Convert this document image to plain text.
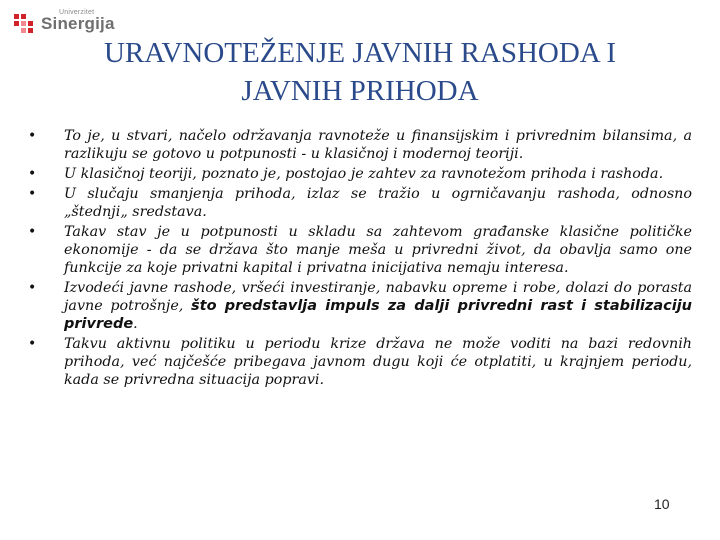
Univerzitet
Sinergija
URAVNOTEŽENJE JAVNIH RASHODA I
JAVNIH PRIHODA
• To je, u stvari, načelo održavanja ravnoteže u finansijskim i privrednim bilansima, a razlikuju se gotovo u potpunosti - u klasičnoj i modernoj teoriji.
• U klasičnoj teoriji, poznato je, postojao je zahtev za ravnotežom prihoda i rashoda.
• U slučaju smanjenja prihoda, izlaz se tražio u ogrničavanju rashoda, odnosno „štednji„ sredstava.
• Takav stav je u potpunosti u skladu sa zahtevom građanske klasične političke ekonomije - da se država što manje meša u privredni život, da obavlja samo one funkcije za koje privatni kapital i privatna inicijativa nemaju interesa.
• Izvodeći javne rashode, vršeći investiranje, nabavku opreme i robe, dolazi do porasta javne potrošnje, što predstavlja impuls za dalji privredni rast i stabilizaciju privrede.
• Takvu aktivnu politiku u periodu krize država ne može voditi na bazi redovnih prihoda, već najčešće pribegava javnom dugu koji će otplatiti, u krajnjem periodu, kada se privredna situacija popravi.
10
